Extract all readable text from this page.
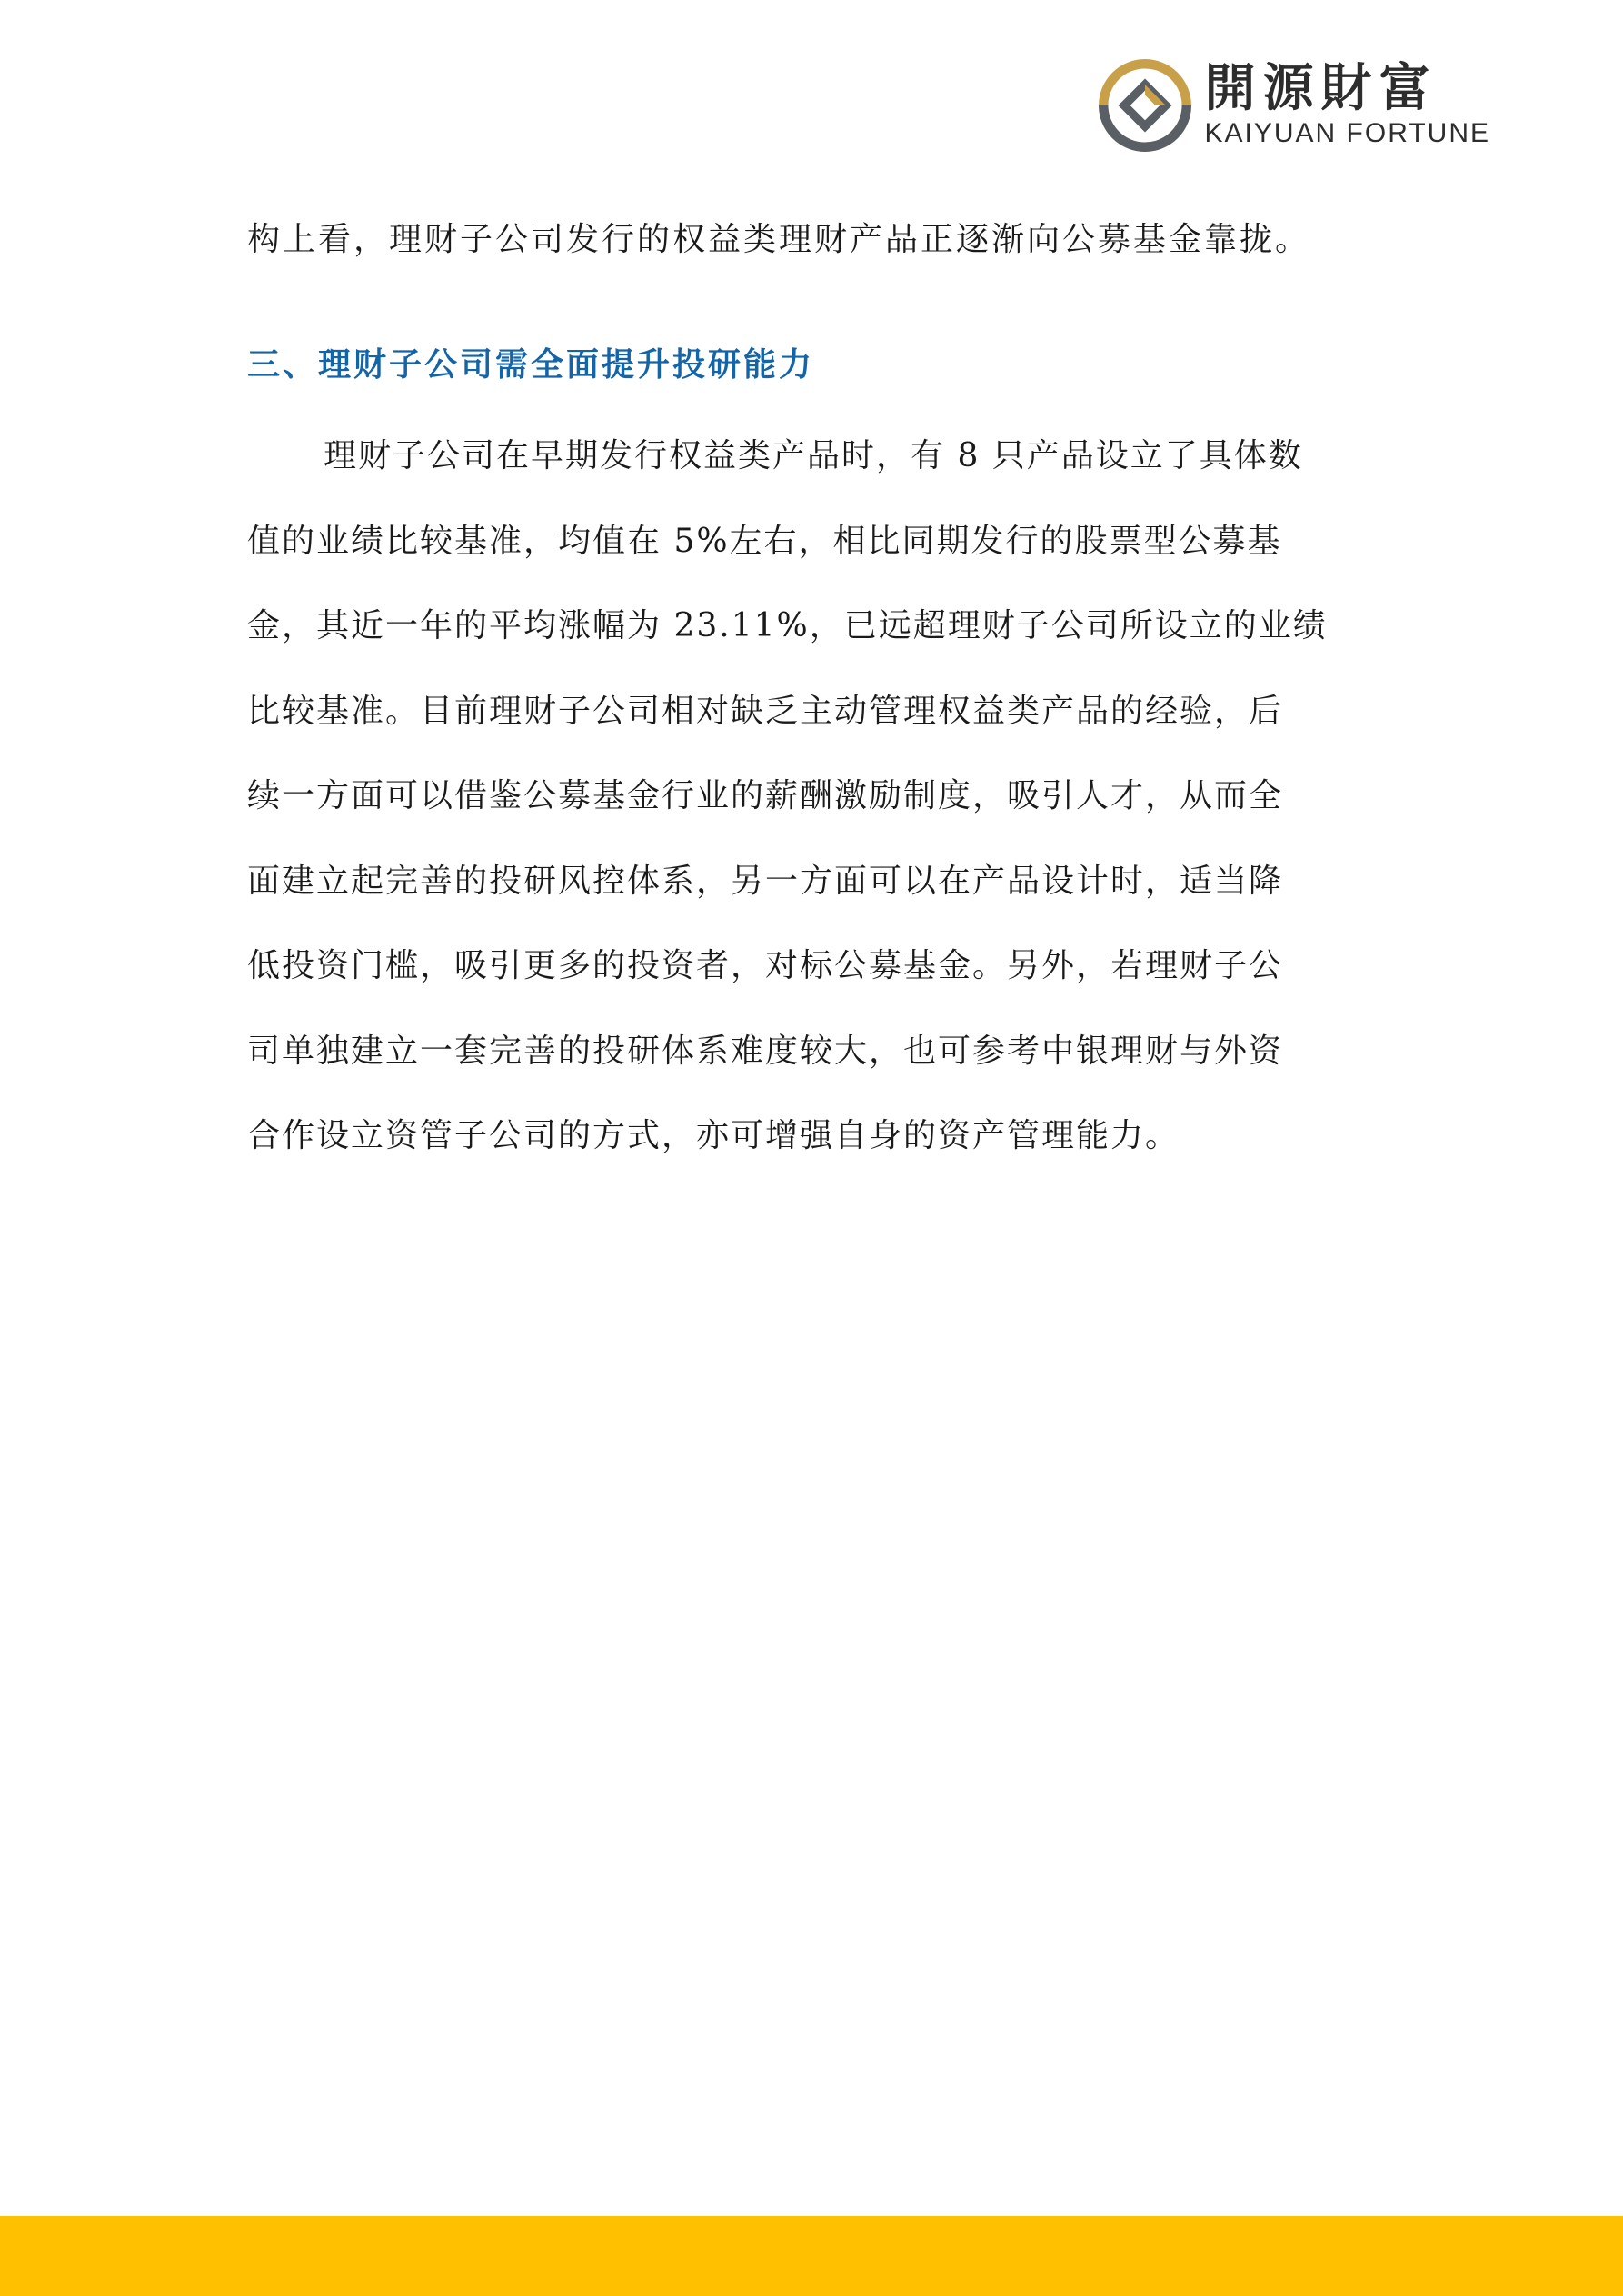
開源財富
KAIYUAN FORTUNE

构上看，理财子公司发行的权益类理财产品正逐渐向公募基金靠拢。

三、理财子公司需全面提升投研能力

理财子公司在早期发行权益类产品时，有 8 只产品设立了具体数

值的业绩比较基准，均值在 5%左右，相比同期发行的股票型公募基

金，其近一年的平均涨幅为 23.11%，已远超理财子公司所设立的业绩

比较基准。目前理财子公司相对缺乏主动管理权益类产品的经验，后

续一方面可以借鉴公募基金行业的薪酬激励制度，吸引人才，从而全

面建立起完善的投研风控体系，另一方面可以在产品设计时，适当降

低投资门槛，吸引更多的投资者，对标公募基金。另外，若理财子公

司单独建立一套完善的投研体系难度较大，也可参考中银理财与外资

合作设立资管子公司的方式，亦可增强自身的资产管理能力。
